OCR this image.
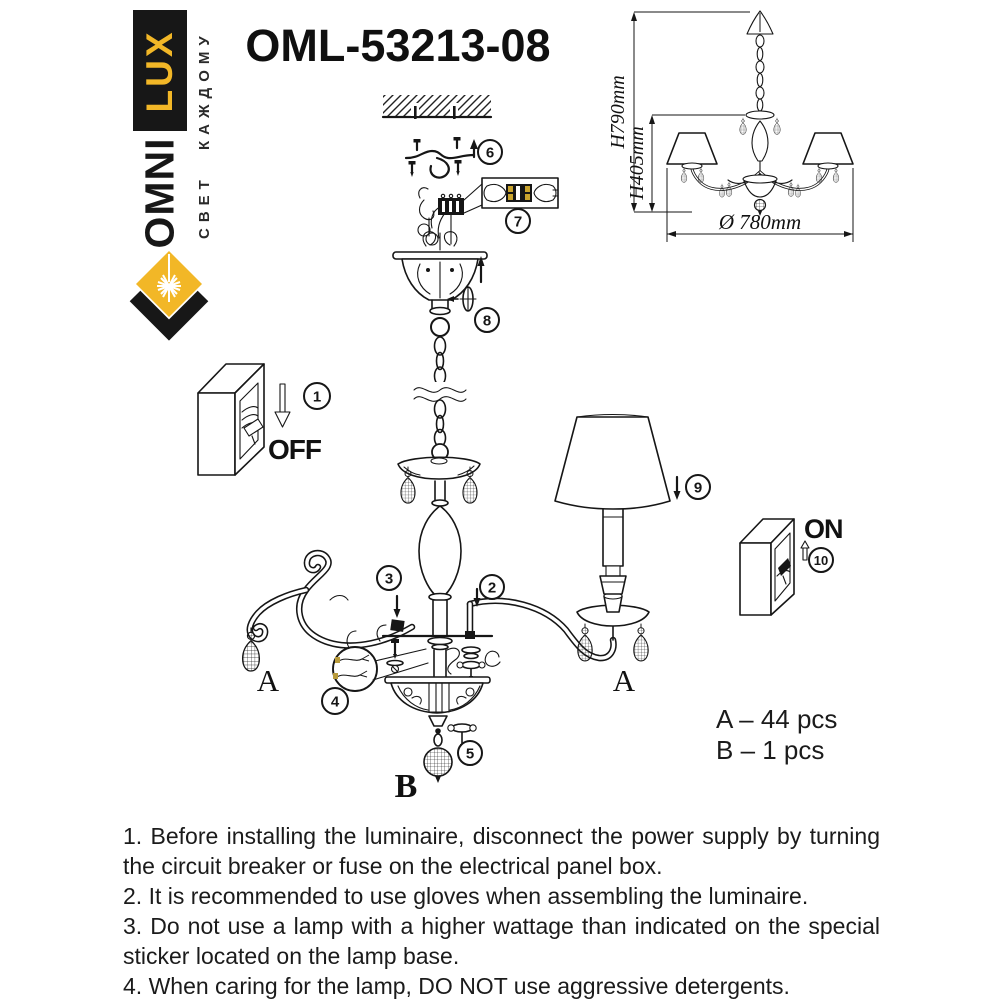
LUX
OMNI СВЕТ КАЖДОМУ OML-53213-08
A	A
OFF
ON
B
H790mm
H405mm
Ø 780mm
1
2
3
4
5
6
7
8
9
10
A – 44 pcs
B – 1 pcs

1. Before installing the luminaire, disconnect the power supply by turning the circuit breaker or fuse on the electrical panel box.

2. It is recommended to use gloves when assembling the luminaire.

3. Do not use a lamp with a higher wattage than indicated on the special sticker located on the lamp base.

4. When caring for the lamp, DO NOT use aggressive detergents.
